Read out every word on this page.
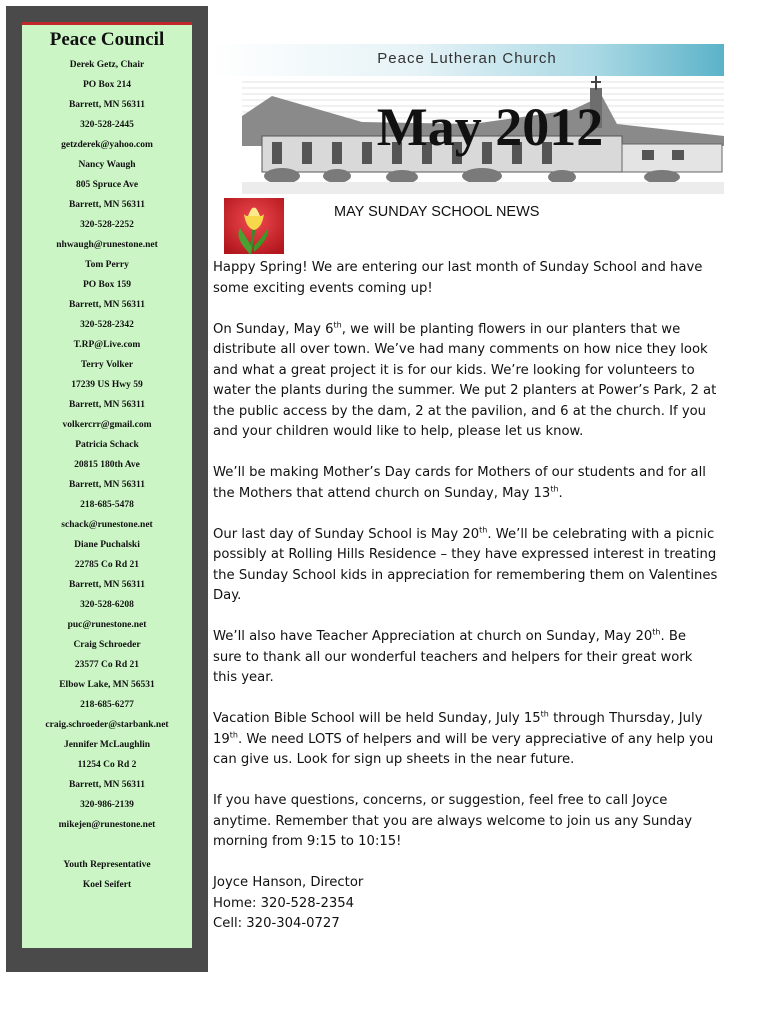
Peace Council
Derek Getz, Chair
PO Box 214
Barrett, MN 56311
320-528-2445
getzderek@yahoo.com
Nancy Waugh
805 Spruce Ave
Barrett, MN 56311
320-528-2252
nhwaugh@runestone.net
Tom Perry
PO Box 159
Barrett, MN 56311
320-528-2342
T.RP@Live.com
Terry Volker
17239 US Hwy 59
Barrett, MN 56311
volkercrr@gmail.com
Patricia Schack
20815 180th Ave
Barrett, MN 56311
218-685-5478
schack@runestone.net
Diane Puchalski
22785 Co Rd 21
Barrett, MN 56311
320-528-6208
puc@runestone.net
Craig Schroeder
23577 Co Rd 21
Elbow Lake, MN 56531
218-685-6277
craig.schroeder@starbank.net
Jennifer McLaughlin
11254 Co Rd 2
Barrett, MN 56311
320-986-2139
mikejen@runestone.net
Youth Representative
Koel Seifert
Peace Lutheran Church
May 2012
MAY SUNDAY SCHOOL NEWS

Happy Spring! We are entering our last month of Sunday School and have some exciting events coming up!

On Sunday, May 6th, we will be planting flowers in our planters that we distribute all over town. We’ve had many comments on how nice they look and what a great project it is for our kids. We’re looking for volunteers to water the plants during the summer. We put 2 planters at Power’s Park, 2 at the public access by the dam, 2 at the pavilion, and 6 at the church. If you and your children would like to help, please let us know.

We’ll be making Mother’s Day cards for Mothers of our students and for all the Mothers that attend church on Sunday, May 13th.

Our last day of Sunday School is May 20th. We’ll be celebrating with a picnic possibly at Rolling Hills Residence – they have expressed interest in treating the Sunday School kids in appreciation for remembering them on Valentines Day.

We’ll also have Teacher Appreciation at church on Sunday, May 20th. Be sure to thank all our wonderful teachers and helpers for their great work this year.

Vacation Bible School will be held Sunday, July 15th through Thursday, July 19th. We need LOTS of helpers and will be very appreciative of any help you can give us. Look for sign up sheets in the near future.

If you have questions, concerns, or suggestion, feel free to call Joyce anytime. Remember that you are always welcome to join us any Sunday morning from 9:15 to 10:15!

Joyce Hanson, Director

Home: 320-528-2354

Cell: 320-304-0727
